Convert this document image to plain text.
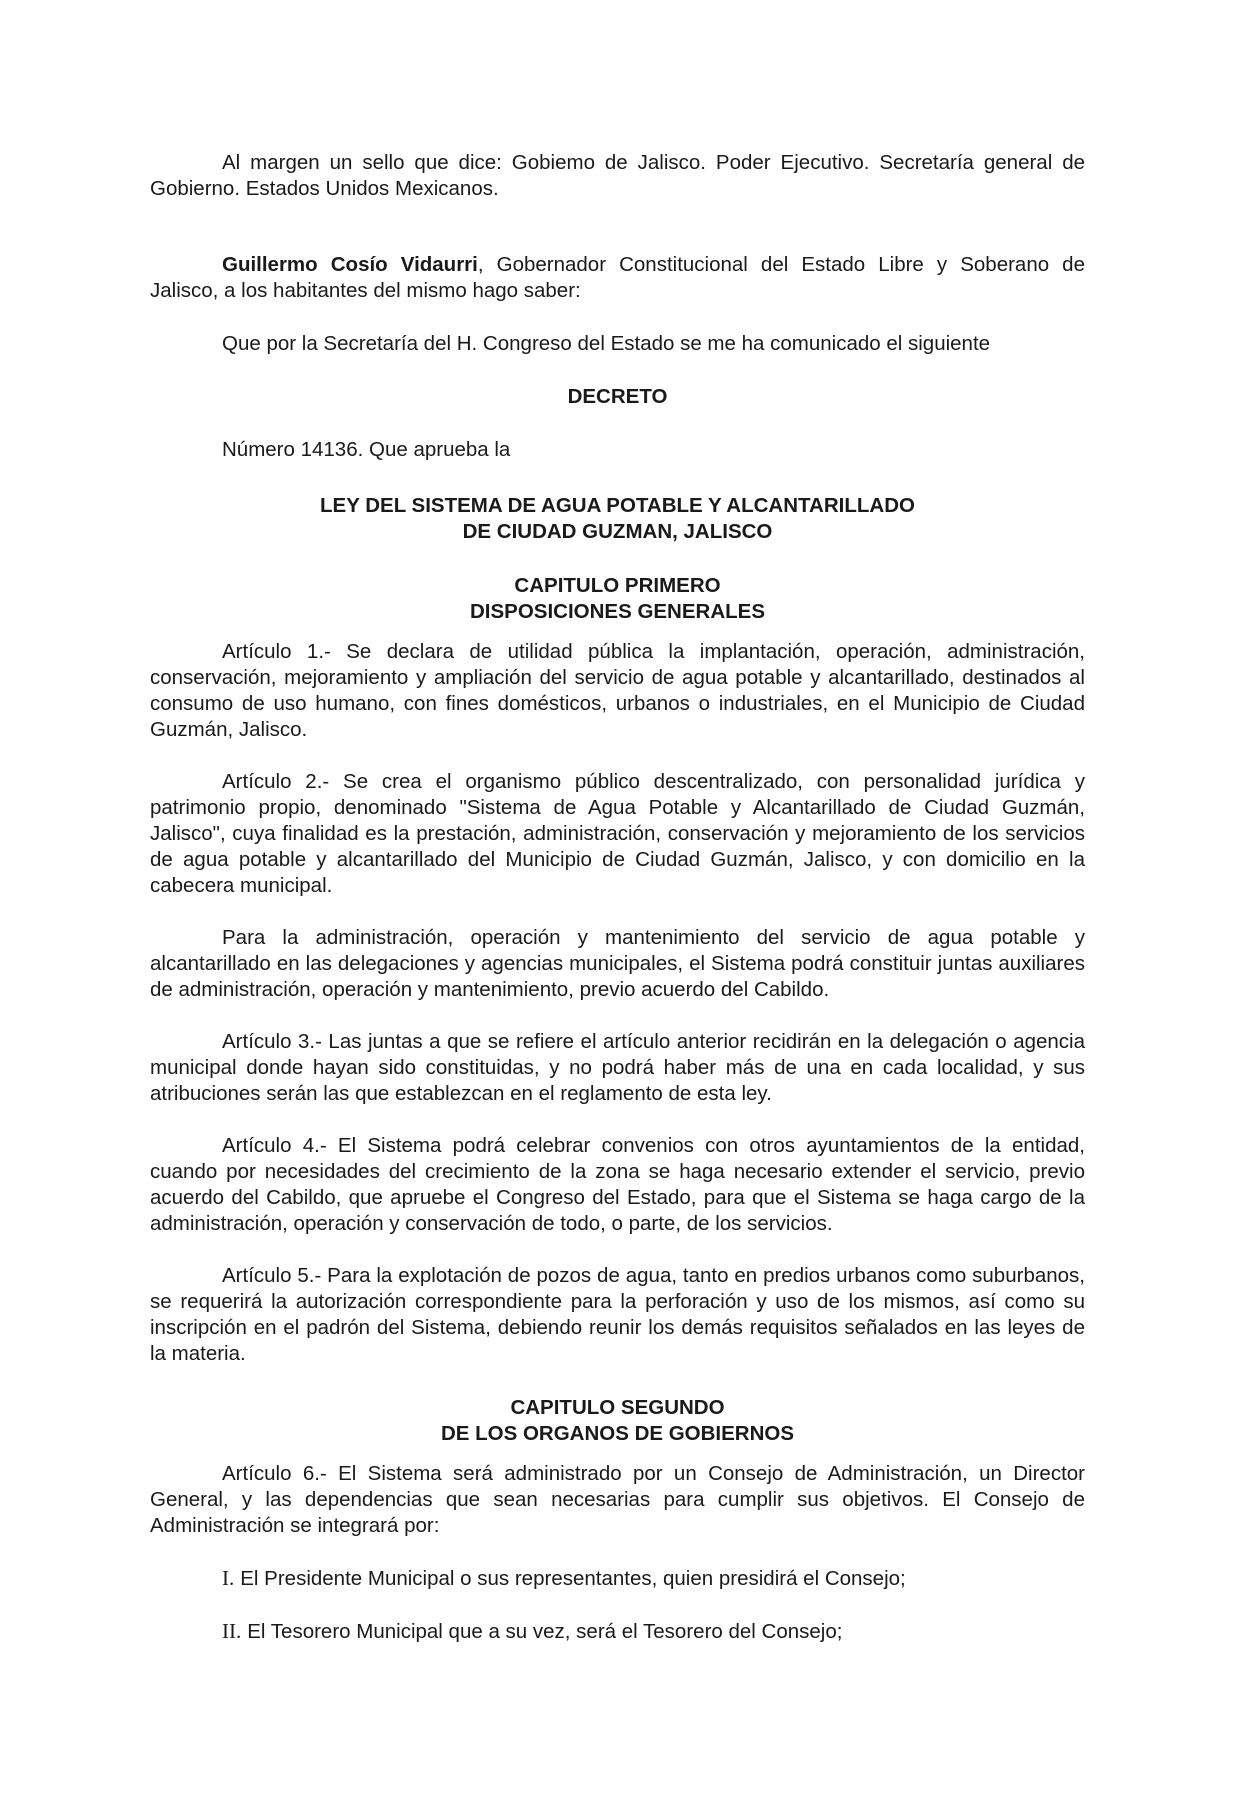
Al margen un sello que dice: Gobiemo de Jalisco. Poder Ejecutivo. Secretaría general de Gobierno. Estados Unidos Mexicanos.

Guillermo Cosío Vidaurri, Gobernador Constitucional del Estado Libre y Soberano de Jalisco, a los habitantes del mismo hago saber:

Que por la Secretaría del H. Congreso del Estado se me ha comunicado el siguiente

DECRETO

Número 14136. Que aprueba la

LEY DEL SISTEMA DE AGUA POTABLE Y ALCANTARILLADO

DE CIUDAD GUZMAN, JALISCO

CAPITULO PRIMERO

DISPOSICIONES GENERALES

Artículo 1.- Se declara de utilidad pública la implantación, operación, administración, conservación, mejoramiento y ampliación del servicio de agua potable y alcantarillado, destinados al consumo de uso humano, con fines domésticos, urbanos o industriales, en el Municipio de Ciudad Guzmán, Jalisco.

Artículo 2.- Se crea el organismo público descentralizado, con personalidad jurídica y patrimonio propio, denominado "Sistema de Agua Potable y Alcantarillado de Ciudad Guzmán, Jalisco", cuya finalidad es la prestación, administración, conservación y mejoramiento de los servicios de agua potable y alcantarillado del Municipio de Ciudad Guzmán, Jalisco, y con domicilio en la cabecera municipal.

Para la administración, operación y mantenimiento del servicio de agua potable y alcantarillado en las delegaciones y agencias municipales, el Sistema podrá constituir juntas auxiliares de administración, operación y mantenimiento, previo acuerdo del Cabildo.

Artículo 3.- Las juntas a que se refiere el artículo anterior recidirán en la delegación o agencia municipal donde hayan sido constituidas, y no podrá haber más de una en cada localidad, y sus atribuciones serán las que establezcan en el reglamento de esta ley.

Artículo 4.- El Sistema podrá celebrar convenios con otros ayuntamientos de la entidad, cuando por necesidades del crecimiento de la zona se haga necesario extender el servicio, previo acuerdo del Cabildo, que apruebe el Congreso del Estado, para que el Sistema se haga cargo de la administración, operación y conservación de todo, o parte, de los servicios.

Artículo 5.- Para la explotación de pozos de agua, tanto en predios urbanos como suburbanos, se requerirá la autorización correspondiente para la perforación y uso de los mismos, así como su inscripción en el padrón del Sistema, debiendo reunir los demás requisitos señalados en las leyes de la materia.

CAPITULO SEGUNDO

DE LOS ORGANOS DE GOBIERNOS

Artículo 6.- El Sistema será administrado por un Consejo de Administración, un Director General, y las dependencias que sean necesarias para cumplir sus objetivos. El Consejo de Administración se integrará por:

I. El Presidente Municipal o sus representantes, quien presidirá el Consejo;

II. El Tesorero Municipal que a su vez, será el Tesorero del Consejo;
